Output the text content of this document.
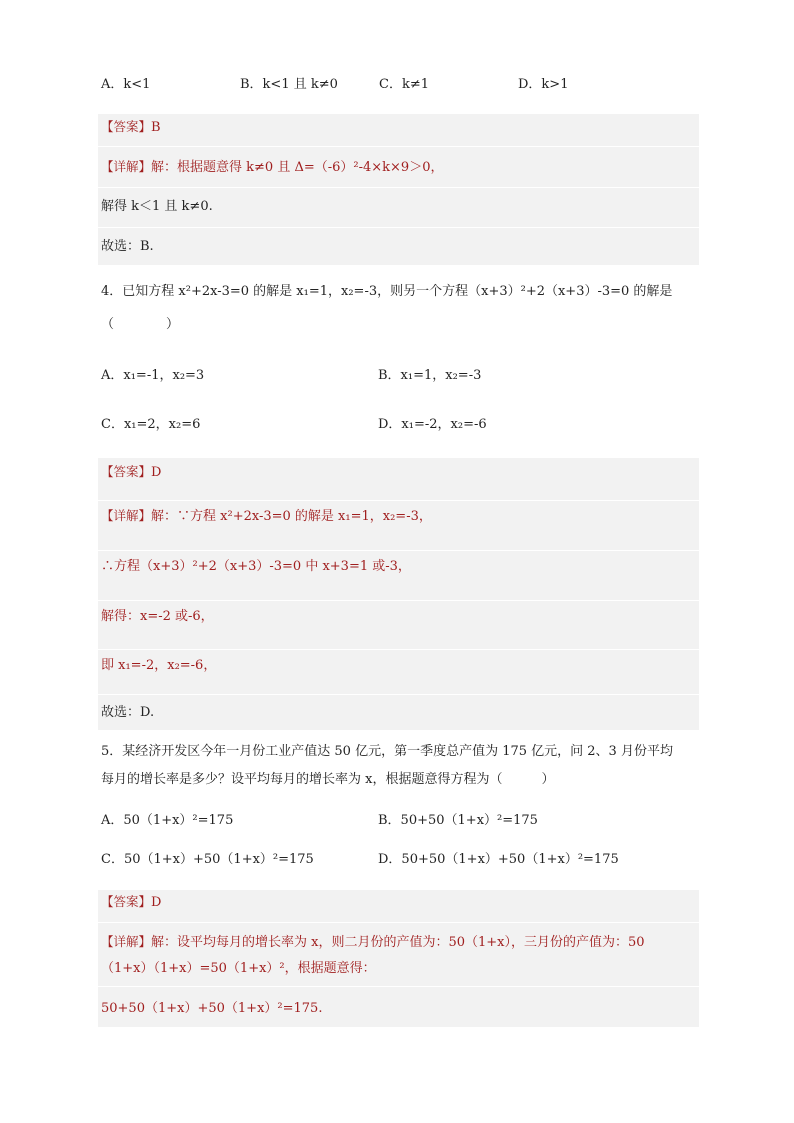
A．k<1	B．k<1 且 k≠0	C．k≠1	D．k>1
【答案】B
【详解】解：根据题意得 k≠0 且 Δ=（-6）²-4×k×9＞0，
解得 k＜1 且 k≠0.
故选：B.
4．已知方程 x²+2x-3=0 的解是 x₁=1，x₂=-3，则另一个方程（x+3）²+2（x+3）-3=0 的解是
（　　　　）
A．x₁=-1，x₂=3	B．x₁=1，x₂=-3
C．x₁=2，x₂=6	D．x₁=-2，x₂=-6
【答案】D
【详解】解：∵方程 x²+2x-3=0 的解是 x₁=1，x₂=-3，
∴方程（x+3）²+2（x+3）-3=0 中 x+3=1 或-3，
解得：x=-2 或-6，
即 x₁=-2，x₂=-6，
故选：D.
5．某经济开发区今年一月份工业产值达 50 亿元，第一季度总产值为 175 亿元，问 2、3 月份平均
每月的增长率是多少？设平均每月的增长率为 x，根据题意得方程为（　　　）
A．50（1+x）²=175	B．50+50（1+x）²=175
C．50（1+x）+50（1+x）²=175	D．50+50（1+x）+50（1+x）²=175
【答案】D
【详解】解：设平均每月的增长率为 x，则二月份的产值为：50（1+x），三月份的产值为：50
（1+x）（1+x）=50（1+x）²，根据题意得：
50+50（1+x）+50（1+x）²=175.
